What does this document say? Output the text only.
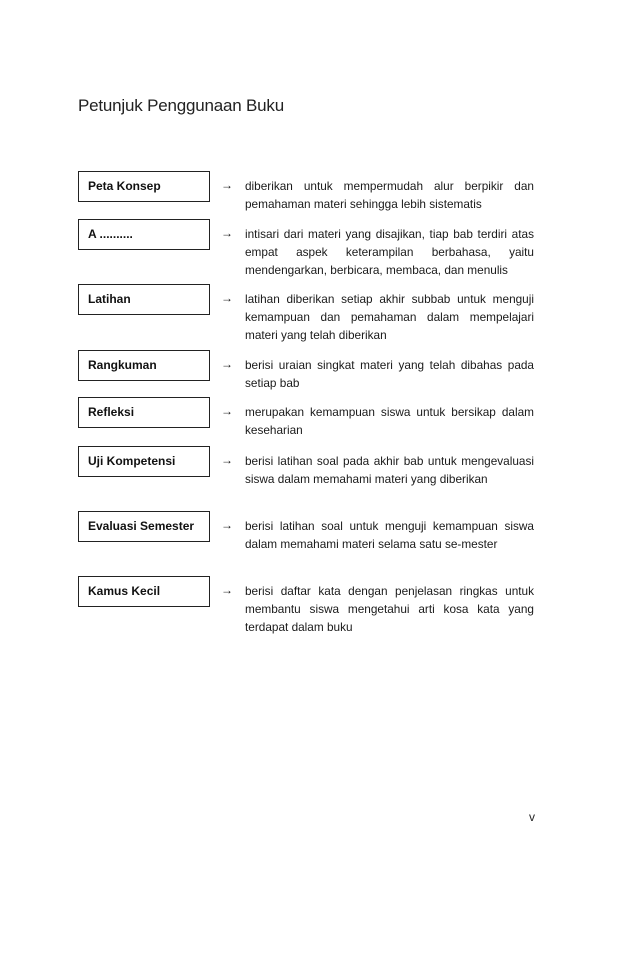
Petunjuk Penggunaan Buku
Peta Konsep	→ diberikan untuk mempermudah alur berpikir dan pemahaman materi sehingga lebih sistematis
A ..........	→ intisari dari materi yang disajikan, tiap bab terdiri atas empat aspek keterampilan berbahasa, yaitu mendengarkan, berbicara, membaca, dan menulis
Latihan	→ latihan diberikan setiap akhir subbab untuk menguji kemampuan dan pemahaman dalam mempelajari materi yang telah diberikan
Rangkuman	→ berisi uraian singkat materi yang telah dibahas pada setiap bab
Refleksi	→ merupakan kemampuan siswa untuk bersikap dalam keseharian
Uji Kompetensi	→ berisi latihan soal pada akhir bab untuk mengevaluasi siswa dalam memahami materi yang diberikan
Evaluasi Semester	→ berisi latihan soal untuk menguji kemampuan siswa dalam memahami materi selama satu se-mester
Kamus Kecil	→ berisi daftar kata dengan penjelasan ringkas untuk membantu siswa mengetahui arti kosa kata yang terdapat dalam buku
v
